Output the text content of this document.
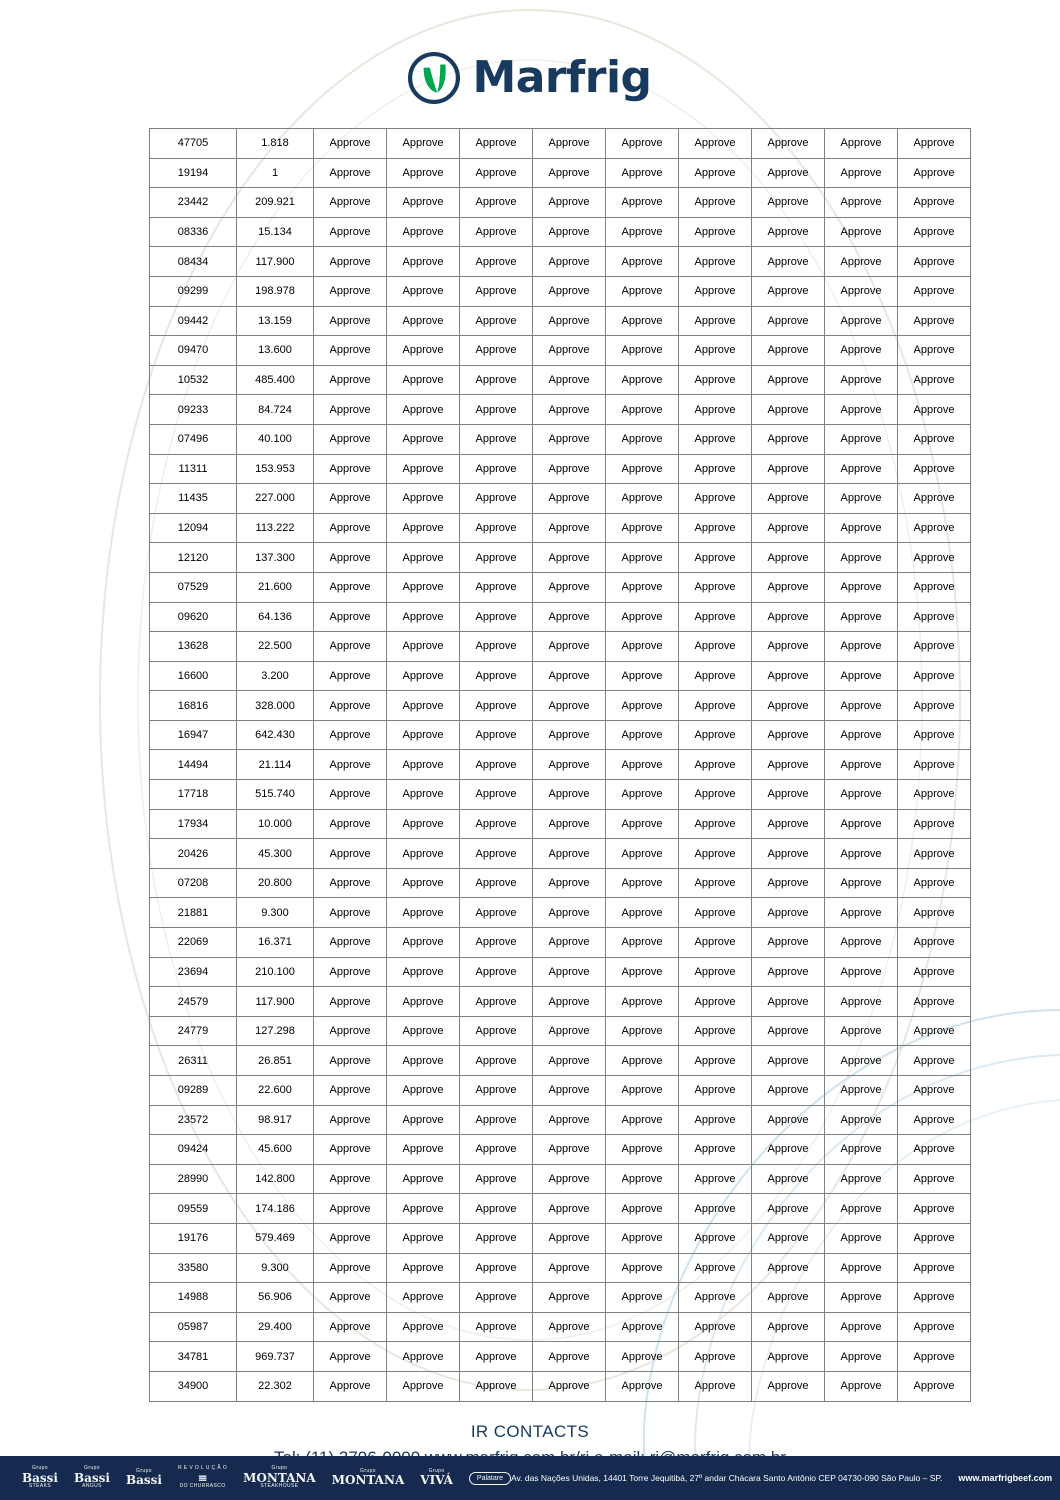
Marfrig
47705	1.818	Approve	Approve	Approve	Approve	Approve	Approve	Approve	Approve	Approve
19194	1	Approve	Approve	Approve	Approve	Approve	Approve	Approve	Approve	Approve
23442	209.921	Approve	Approve	Approve	Approve	Approve	Approve	Approve	Approve	Approve
08336	15.134	Approve	Approve	Approve	Approve	Approve	Approve	Approve	Approve	Approve
08434	117.900	Approve	Approve	Approve	Approve	Approve	Approve	Approve	Approve	Approve
09299	198.978	Approve	Approve	Approve	Approve	Approve	Approve	Approve	Approve	Approve
09442	13.159	Approve	Approve	Approve	Approve	Approve	Approve	Approve	Approve	Approve
09470	13.600	Approve	Approve	Approve	Approve	Approve	Approve	Approve	Approve	Approve
10532	485.400	Approve	Approve	Approve	Approve	Approve	Approve	Approve	Approve	Approve
09233	84.724	Approve	Approve	Approve	Approve	Approve	Approve	Approve	Approve	Approve
07496	40.100	Approve	Approve	Approve	Approve	Approve	Approve	Approve	Approve	Approve
11311	153.953	Approve	Approve	Approve	Approve	Approve	Approve	Approve	Approve	Approve
11435	227.000	Approve	Approve	Approve	Approve	Approve	Approve	Approve	Approve	Approve
12094	113.222	Approve	Approve	Approve	Approve	Approve	Approve	Approve	Approve	Approve
12120	137.300	Approve	Approve	Approve	Approve	Approve	Approve	Approve	Approve	Approve
07529	21.600	Approve	Approve	Approve	Approve	Approve	Approve	Approve	Approve	Approve
09620	64.136	Approve	Approve	Approve	Approve	Approve	Approve	Approve	Approve	Approve
13628	22.500	Approve	Approve	Approve	Approve	Approve	Approve	Approve	Approve	Approve
16600	3.200	Approve	Approve	Approve	Approve	Approve	Approve	Approve	Approve	Approve
16816	328.000	Approve	Approve	Approve	Approve	Approve	Approve	Approve	Approve	Approve
16947	642.430	Approve	Approve	Approve	Approve	Approve	Approve	Approve	Approve	Approve
14494	21.114	Approve	Approve	Approve	Approve	Approve	Approve	Approve	Approve	Approve
17718	515.740	Approve	Approve	Approve	Approve	Approve	Approve	Approve	Approve	Approve
17934	10.000	Approve	Approve	Approve	Approve	Approve	Approve	Approve	Approve	Approve
20426	45.300	Approve	Approve	Approve	Approve	Approve	Approve	Approve	Approve	Approve
07208	20.800	Approve	Approve	Approve	Approve	Approve	Approve	Approve	Approve	Approve
21881	9.300	Approve	Approve	Approve	Approve	Approve	Approve	Approve	Approve	Approve
22069	16.371	Approve	Approve	Approve	Approve	Approve	Approve	Approve	Approve	Approve
23694	210.100	Approve	Approve	Approve	Approve	Approve	Approve	Approve	Approve	Approve
24579	117.900	Approve	Approve	Approve	Approve	Approve	Approve	Approve	Approve	Approve
24779	127.298	Approve	Approve	Approve	Approve	Approve	Approve	Approve	Approve	Approve
26311	26.851	Approve	Approve	Approve	Approve	Approve	Approve	Approve	Approve	Approve
09289	22.600	Approve	Approve	Approve	Approve	Approve	Approve	Approve	Approve	Approve
23572	98.917	Approve	Approve	Approve	Approve	Approve	Approve	Approve	Approve	Approve
09424	45.600	Approve	Approve	Approve	Approve	Approve	Approve	Approve	Approve	Approve
28990	142.800	Approve	Approve	Approve	Approve	Approve	Approve	Approve	Approve	Approve
09559	174.186	Approve	Approve	Approve	Approve	Approve	Approve	Approve	Approve	Approve
19176	579.469	Approve	Approve	Approve	Approve	Approve	Approve	Approve	Approve	Approve
33580	9.300	Approve	Approve	Approve	Approve	Approve	Approve	Approve	Approve	Approve
14988	56.906	Approve	Approve	Approve	Approve	Approve	Approve	Approve	Approve	Approve
05987	29.400	Approve	Approve	Approve	Approve	Approve	Approve	Approve	Approve	Approve
34781	969.737	Approve	Approve	Approve	Approve	Approve	Approve	Approve	Approve	Approve
34900	22.302	Approve	Approve	Approve	Approve	Approve	Approve	Approve	Approve	Approve
IR CONTACTS
Grupo
Bassi
STEAKS
Grupo
Bassi
ANGUS
Grupo
Bassi
R E V O L U Ç Ã O
≡
DO CHURRASCO
Grupo
MONTANA
STEAKHOUSE
Grupo
MONTANA
Grupo
VIVÁ	Palatare Av. das Nações Unidas, 14401 Torre Jequitibá, 27º andar Chácara Santo Antônio CEP 04730-090 São Paulo – SP.	www.marfrigbeef.com
